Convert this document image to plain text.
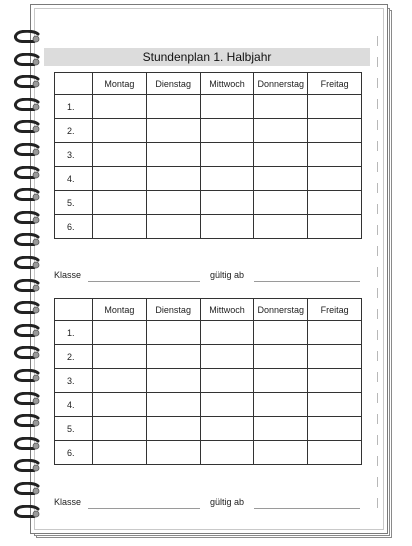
Stundenplan 1. Halbjahr
	Montag	Dienstag	Mittwoch	Donnerstag	Freitag
1.					
2.					
3.					
4.					
5.					
6.					
Klasse	gültig ab
	Montag	Dienstag	Mittwoch	Donnerstag	Freitag
1.					
2.					
3.					
4.					
5.					
6.					
Klasse	gültig ab
